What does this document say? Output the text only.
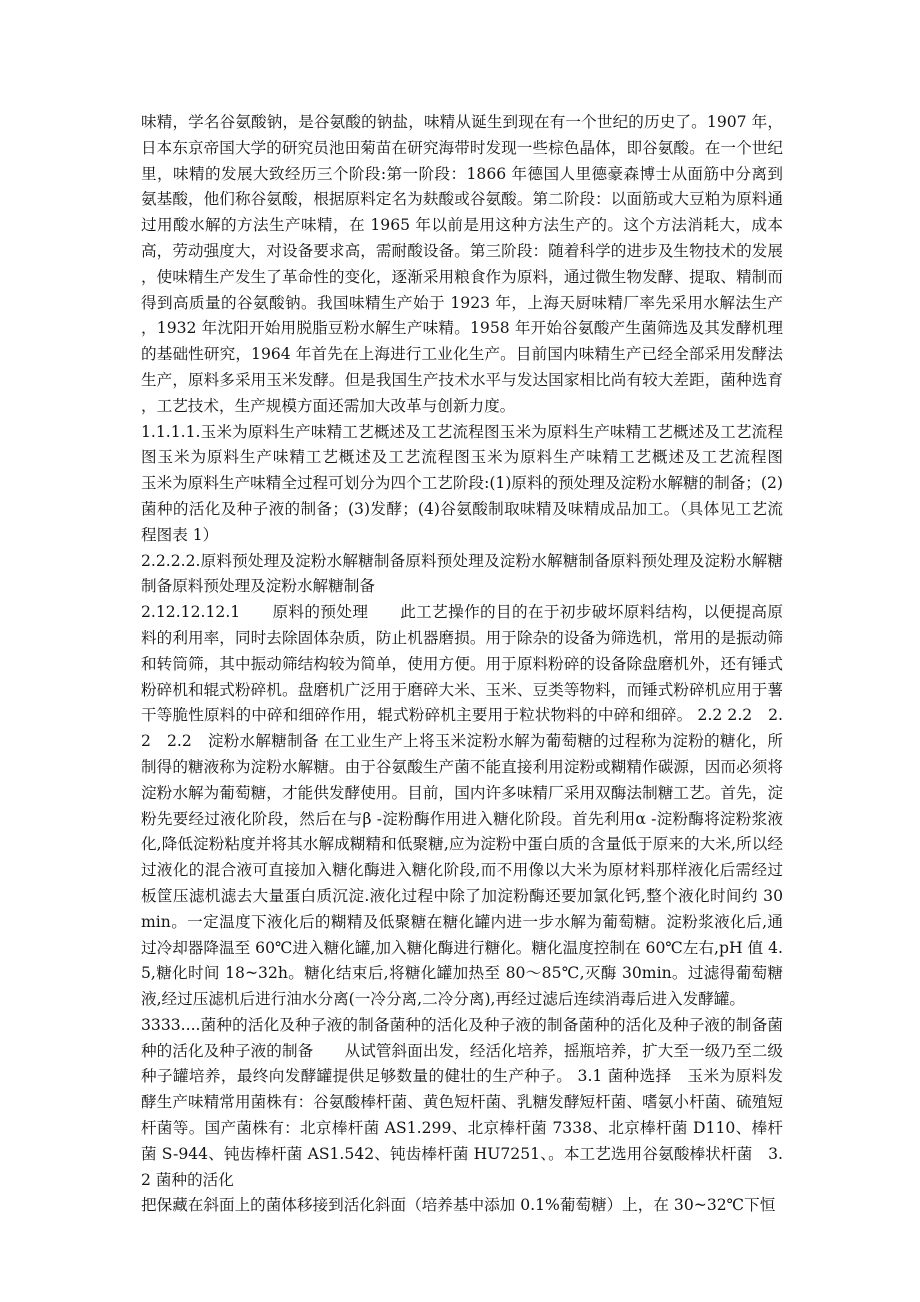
味精，学名谷氨酸钠，是谷氨酸的钠盐，味精从诞生到现在有一个世纪的历史了。1907 年，日本东京帝国大学的研究员池田菊苗在研究海带时发现一些棕色晶体，即谷氨酸。在一个世纪里，味精的发展大致经历三个阶段:第一阶段：1866 年德国人里德豪森博士从面筋中分离到氨基酸，他们称谷氨酸，根据原料定名为麸酸或谷氨酸。第二阶段：以面筋或大豆粕为原料通过用酸水解的方法生产味精，在 1965 年以前是用这种方法生产的。这个方法消耗大，成本高，劳动强度大，对设备要求高，需耐酸设备。第三阶段：随着科学的进步及生物技术的发展，使味精生产发生了革命性的变化，逐渐采用粮食作为原料，通过微生物发酵、提取、精制而得到高质量的谷氨酸钠。我国味精生产始于 1923 年，上海天厨味精厂率先采用水解法生产，1932 年沈阳开始用脱脂豆粉水解生产味精。1958 年开始谷氨酸产生菌筛选及其发酵机理的基础性研究，1964 年首先在上海进行工业化生产。目前国内味精生产已经全部采用发酵法生产，原料多采用玉米发酵。但是我国生产技术水平与发达国家相比尚有较大差距，菌种选育，工艺技术，生产规模方面还需加大改革与创新力度。

1.1.1.1.玉米为原料生产味精工艺概述及工艺流程图玉米为原料生产味精工艺概述及工艺流程图玉米为原料生产味精工艺概述及工艺流程图玉米为原料生产味精工艺概述及工艺流程图　　玉米为原料生产味精全过程可划分为四个工艺阶段:(1)原料的预处理及淀粉水解糖的制备；(2)菌种的活化及种子液的制备；(3)发酵；(4)谷氨酸制取味精及味精成品加工。（具体见工艺流程图表 1）

2.2.2.2.原料预处理及淀粉水解糖制备原料预处理及淀粉水解糖制备原料预处理及淀粉水解糖制备原料预处理及淀粉水解糖制备

2.12.12.12.1　　原料的预处理　　此工艺操作的目的在于初步破坏原料结构，以便提高原料的利用率，同时去除固体杂质，防止机器磨损。用于除杂的设备为筛选机，常用的是振动筛和转筒筛，其中振动筛结构较为简单，使用方便。用于原料粉碎的设备除盘磨机外，还有锤式粉碎机和辊式粉碎机。盘磨机广泛用于磨碎大米、玉米、豆类等物料，而锤式粉碎机应用于薯干等脆性原料的中碎和细碎作用，辊式粉碎机主要用于粒状物料的中碎和细碎。 2.2 2.2　2.2　2.2　淀粉水解糖制备 在工业生产上将玉米淀粉水解为葡萄糖的过程称为淀粉的糖化，所制得的糖液称为淀粉水解糖。由于谷氨酸生产菌不能直接利用淀粉或糊精作碳源，因而必须将淀粉水解为葡萄糖，才能供发酵使用。目前，国内许多味精厂采用双酶法制糖工艺。首先，淀粉先要经过液化阶段，然后在与β -淀粉酶作用进入糖化阶段。首先利用α -淀粉酶将淀粉浆液化,降低淀粉粘度并将其水解成糊精和低聚糖,应为淀粉中蛋白质的含量低于原来的大米,所以经过液化的混合液可直接加入糖化酶进入糖化阶段,而不用像以大米为原材料那样液化后需经过板筐压滤机滤去大量蛋白质沉淀.液化过程中除了加淀粉酶还要加氯化钙,整个液化时间约 30min。一定温度下液化后的糊精及低聚糖在糖化罐内进一步水解为葡萄糖。淀粉浆液化后,通过冷却器降温至 60℃进入糖化罐,加入糖化酶进行糖化。糖化温度控制在 60℃左右,pH 值 4.5,糖化时间 18~32h。糖化结束后,将糖化罐加热至 80～85℃,灭酶 30min。过滤得葡萄糖液,经过压滤机后进行油水分离(一冷分离,二冷分离),再经过滤后连续消毒后进入发酵罐。

3333....菌种的活化及种子液的制备菌种的活化及种子液的制备菌种的活化及种子液的制备菌种的活化及种子液的制备　　从试管斜面出发，经活化培养，摇瓶培养，扩大至一级乃至二级种子罐培养，最终向发酵罐提供足够数量的健壮的生产种子。 3.1 菌种选择　玉米为原料发酵生产味精常用菌株有：谷氨酸棒杆菌、黄色短杆菌、乳糖发酵短杆菌、嗜氨小杆菌、硫殖短杆菌等。国产菌株有：北京棒杆菌 AS1.299、北京棒杆菌 7338、北京棒杆菌 D110、棒杆菌 S-944、钝齿棒杆菌 AS1.542、钝齿棒杆菌 HU7251、。本工艺选用谷氨酸棒状杆菌　3.2 菌种的活化

把保藏在斜面上的菌体移接到活化斜面（培养基中添加 0.1%葡萄糖）上，在 30~32℃下恒
